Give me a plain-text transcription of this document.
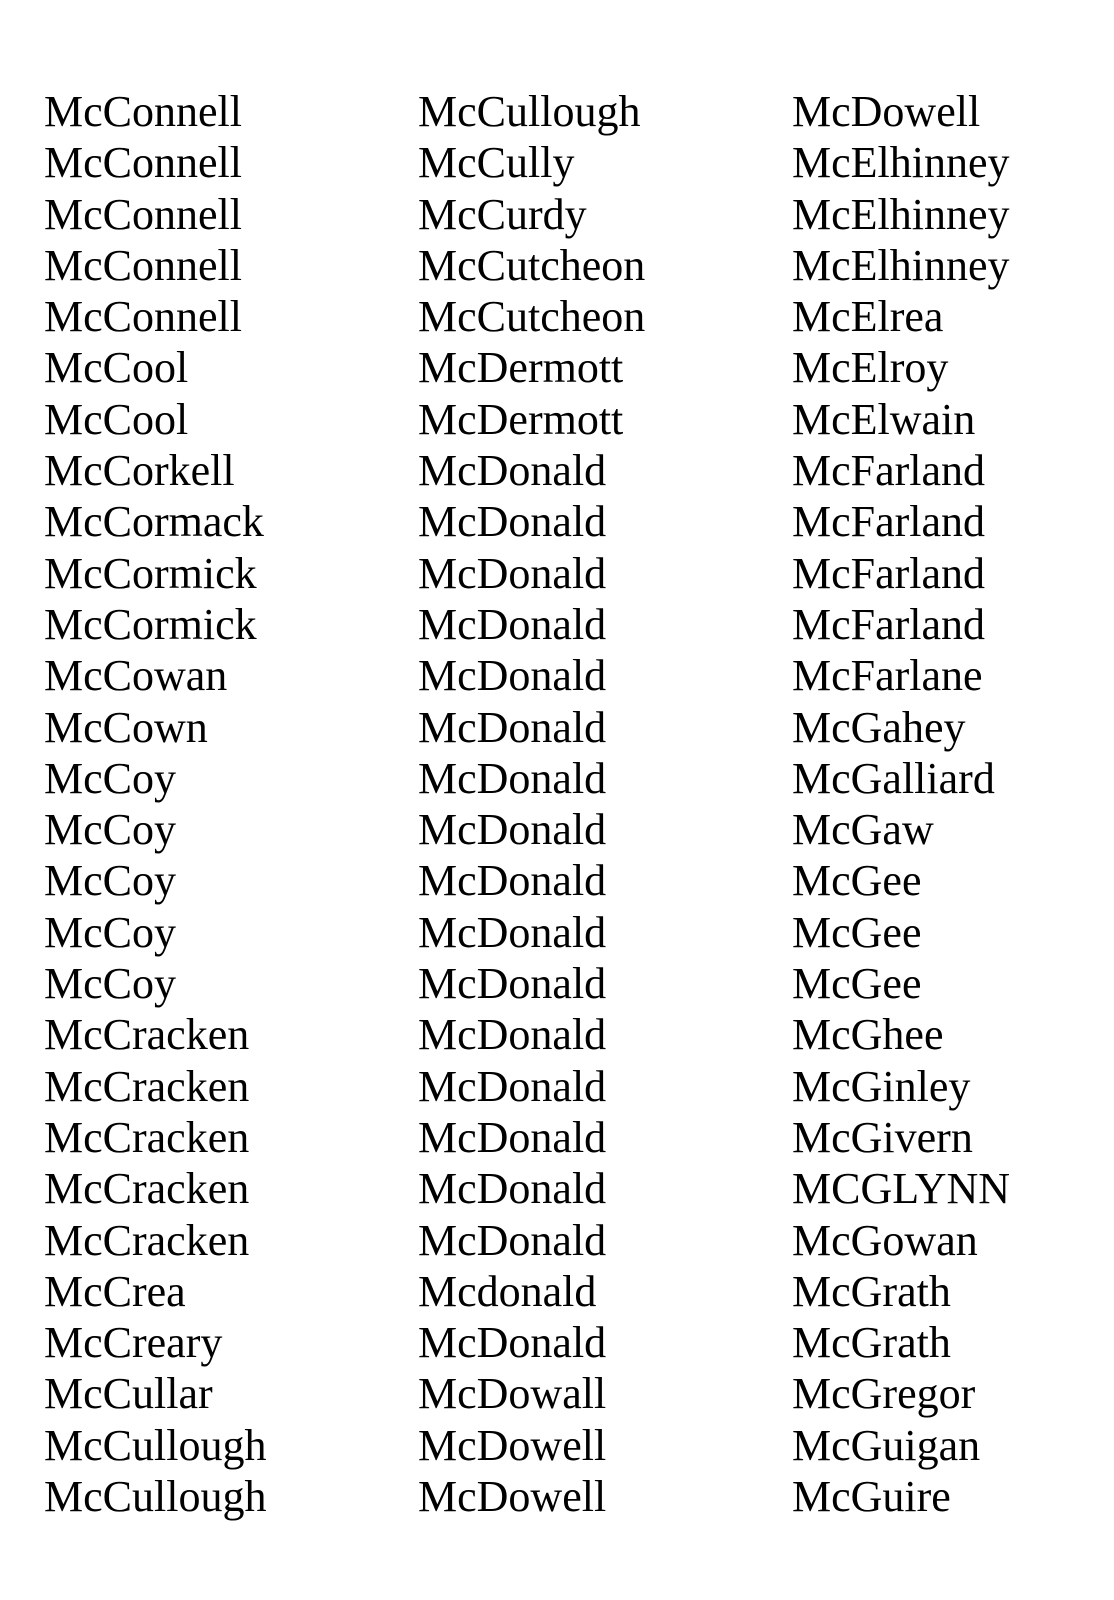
McConnell
McConnell
McConnell
McConnell
McConnell
McCool
McCool
McCorkell
McCormack
McCormick
McCormick
McCowan
McCown
McCoy
McCoy
McCoy
McCoy
McCoy
McCracken
McCracken
McCracken
McCracken
McCracken
McCrea
McCreary
McCullar
McCullough
McCullough
McCullough
McCully
McCurdy
McCutcheon
McCutcheon
McDermott
McDermott
McDonald
McDonald
McDonald
McDonald
McDonald
McDonald
McDonald
McDonald
McDonald
McDonald
McDonald
McDonald
McDonald
McDonald
McDonald
McDonald
Mcdonald
McDonald
McDowall
McDowell
McDowell
McDowell
McElhinney
McElhinney
McElhinney
McElrea
McElroy
McElwain
McFarland
McFarland
McFarland
McFarland
McFarlane
McGahey
McGalliard
McGaw
McGee
McGee
McGee
McGhee
McGinley
McGivern
MCGLYNN
McGowan
McGrath
McGrath
McGregor
McGuigan
McGuire
